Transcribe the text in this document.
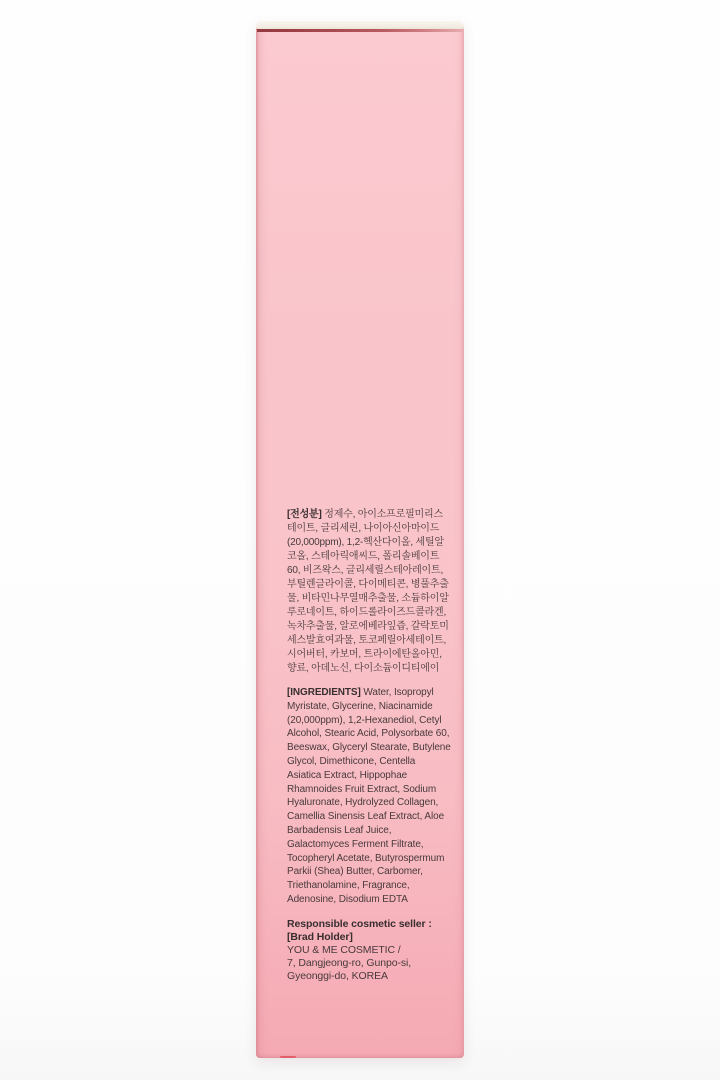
[전성분] 정제수, 아이소프로필미리스테이트, 글리세린, 나이아신아마이드(20,000ppm), 1,2-헥산다이올, 세틸알코올, 스테아릭애씨드, 폴리솔베이트60, 비즈왁스, 글리세릴스테아레이트, 부틸렌글라이콜, 다이메티콘, 병풀추출물, 비타민나무열매추출물, 소듐하이알루로네이트, 하이드롤라이즈드콜라겐, 녹차추출물, 알로에베라잎즙, 갈락토미세스발효여과물, 토코페릴아세테이트, 시어버터, 카보머, 트라이에탄올아민, 향료, 아데노신, 다이소듐이디티에이

[INGREDIENTS] Water, Isopropyl Myristate, Glycerine, Niacinamide (20,000ppm), 1,2-Hexanediol, Cetyl Alcohol, Stearic Acid, Polysorbate 60, Beeswax, Glyceryl Stearate, Butylene Glycol, Dimethicone, Centella Asiatica Extract, Hippophae Rhamnoides Fruit Extract, Sodium Hyaluronate, Hydrolyzed Collagen, Camellia Sinensis Leaf Extract, Aloe Barbadensis Leaf Juice, Galactomyces Ferment Filtrate, Tocopheryl Acetate, Butyrospermum Parkii (Shea) Butter, Carbomer, Triethanolamine, Fragrance, Adenosine, Disodium EDTA

Responsible cosmetic seller :
[Brad Holder]
YOU & ME COSMETIC /
7, Dangjeong-ro, Gunpo-si,
Gyeonggi-do, KOREA
